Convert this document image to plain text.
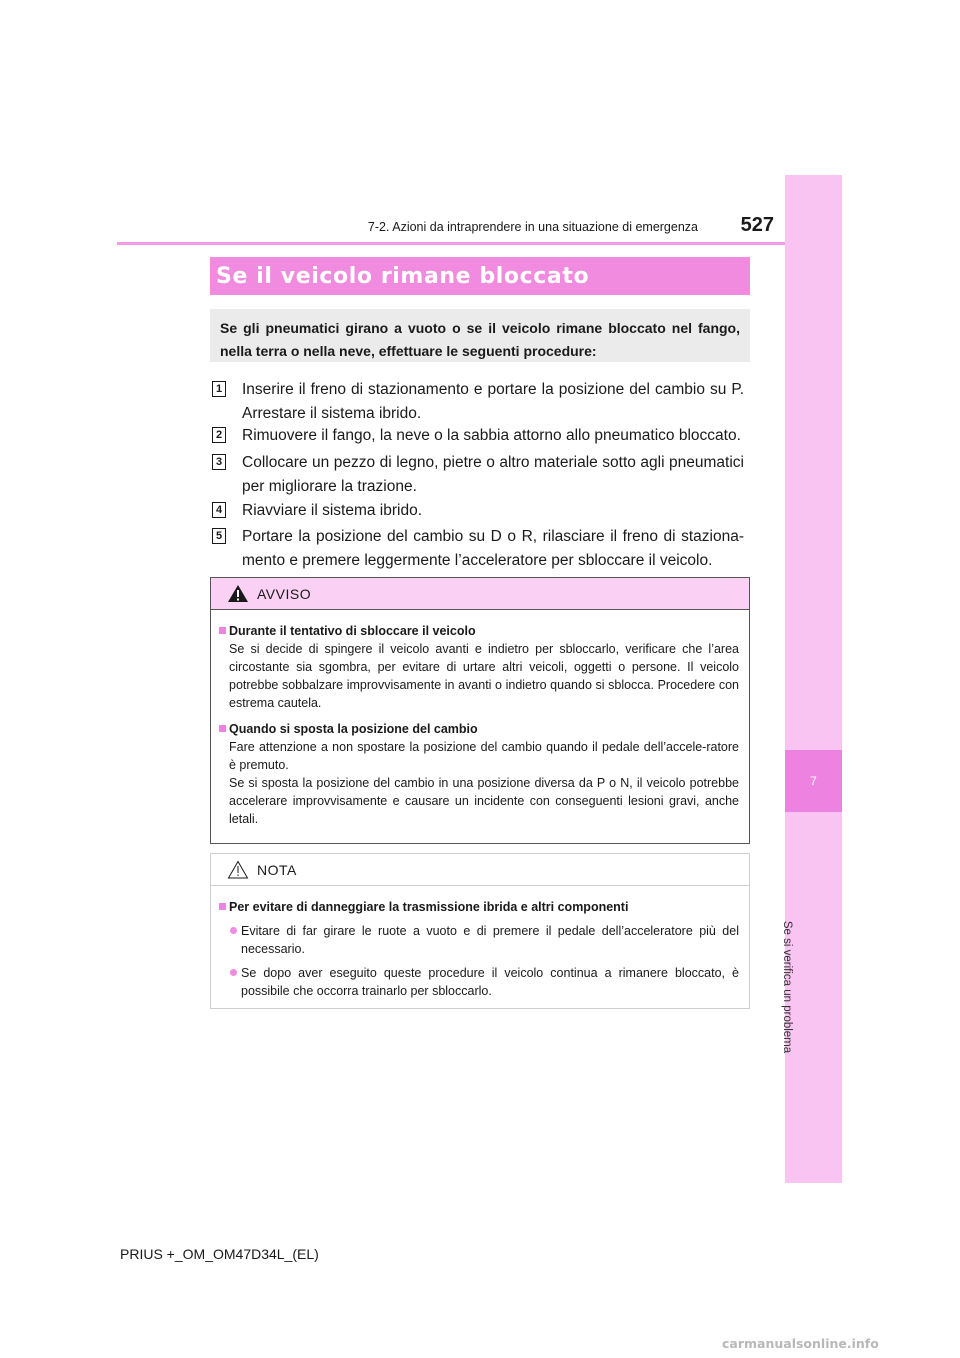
7
Se si verifica un problema
7-2. Azioni da intraprendere in una situazione di emergenza	527
Se il veicolo rimane bloccato
Se gli pneumatici girano a vuoto o se il veicolo rimane bloccato nel fango, nella terra o nella neve, effettuare le seguenti procedure:
1 Inserire il freno di stazionamento e portare la posizione del cambio su P. Arrestare il sistema ibrido.
2 Rimuovere il fango, la neve o la sabbia attorno allo pneumatico bloccato.
3 Collocare un pezzo di legno, pietre o altro materiale sotto agli pneumatici per migliorare la trazione.
4 Riavviare il sistema ibrido.
5 Portare la posizione del cambio su D o R, rilasciare il freno di staziona-mento e premere leggermente l’acceleratore per sbloccare il veicolo.
AVVISO
Durante il tentativo di sbloccare il veicolo
Se si decide di spingere il veicolo avanti e indietro per sbloccarlo, verificare che l’area circostante sia sgombra, per evitare di urtare altri veicoli, oggetti o persone. Il veicolo potrebbe sobbalzare improvvisamente in avanti o indietro quando si sblocca. Procedere con estrema cautela.
Quando si sposta la posizione del cambio
Fare attenzione a non spostare la posizione del cambio quando il pedale dell’accele-ratore è premuto.
Se si sposta la posizione del cambio in una posizione diversa da P o N, il veicolo potrebbe accelerare improvvisamente e causare un incidente con conseguenti lesioni gravi, anche letali.
NOTA
Per evitare di danneggiare la trasmissione ibrida e altri componenti
Evitare di far girare le ruote a vuoto e di premere il pedale dell’acceleratore più del necessario.
Se dopo aver eseguito queste procedure il veicolo continua a rimanere bloccato, è possibile che occorra trainarlo per sbloccarlo.
PRIUS +_OM_OM47D34L_(EL)
carmanualsonline.info
